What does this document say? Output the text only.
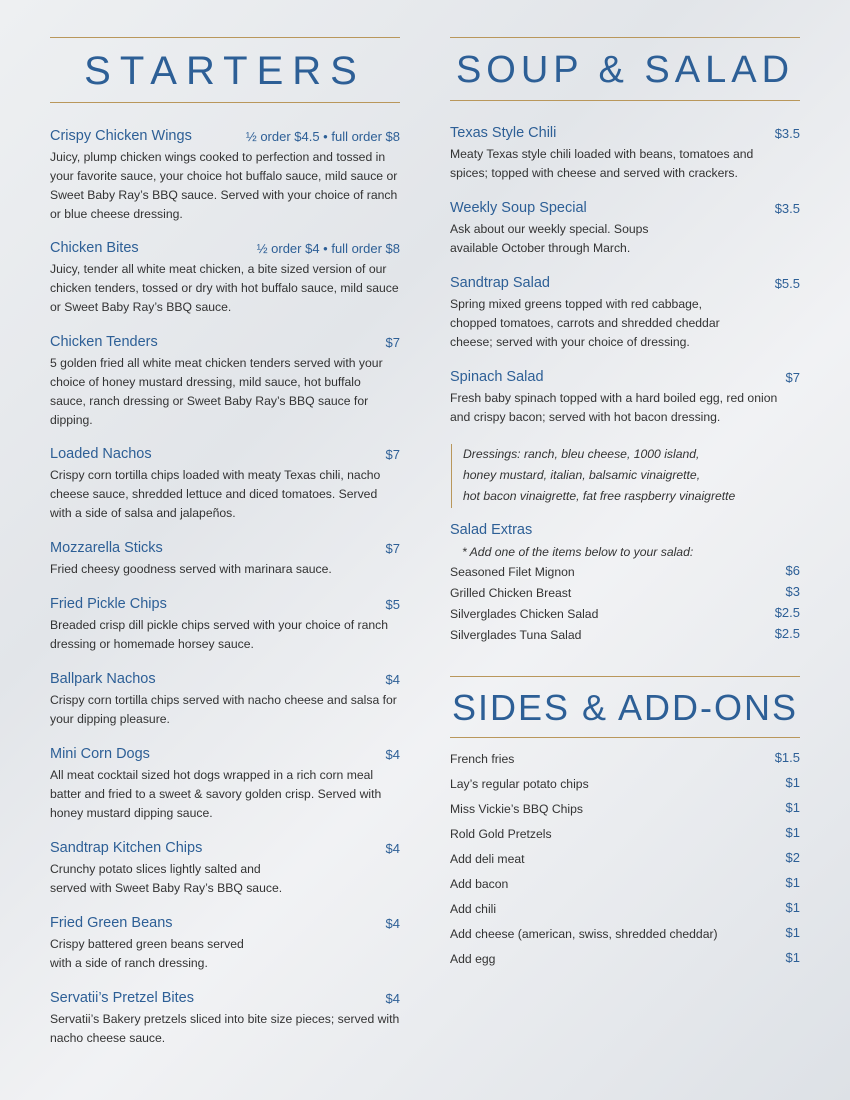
STARTERS
Crispy Chicken Wings	½ order $4.5 • full order $8

Juicy, plump chicken wings cooked to perfection and tossed in your favorite sauce, your choice hot buffalo sauce, mild sauce or Sweet Baby Ray’s BBQ sauce. Served with your choice of ranch or blue cheese dressing.

Chicken Bites	½ order $4 • full order $8

Juicy, tender all white meat chicken, a bite sized version of our chicken tenders, tossed or dry with hot buffalo sauce, mild sauce or Sweet Baby Ray’s BBQ sauce.

Chicken Tenders	$7

5 golden fried all white meat chicken tenders served with your choice of honey mustard dressing, mild sauce, hot buffalo sauce, ranch dressing or Sweet Baby Ray’s BBQ sauce for dipping.

Loaded Nachos	$7

Crispy corn tortilla chips loaded with meaty Texas chili, nacho cheese sauce, shredded lettuce and diced tomatoes. Served with a side of salsa and jalapeños.

Mozzarella Sticks	$7

Fried cheesy goodness served with marinara sauce.

Fried Pickle Chips	$5

Breaded crisp dill pickle chips served with your choice of ranch dressing or homemade horsey sauce.

Ballpark Nachos	$4

Crispy corn tortilla chips served with nacho cheese and salsa for your dipping pleasure.

Mini Corn Dogs	$4

All meat cocktail sized hot dogs wrapped in a rich corn meal batter and fried to a sweet & savory golden crisp. Served with honey mustard dipping sauce.

Sandtrap Kitchen Chips	$4

Crunchy potato slices lightly salted and served with Sweet Baby Ray’s BBQ sauce.

Fried Green Beans	$4

Crispy battered green beans served with a side of ranch dressing.

Servatii’s Pretzel Bites	$4

Servatii’s Bakery pretzels sliced into bite size pieces; served with nacho cheese sauce.

SOUP & SALAD
Texas Style Chili	$3.5

Meaty Texas style chili loaded with beans, tomatoes and spices; topped with cheese and served with crackers.

Weekly Soup Special	$3.5

Ask about our weekly special. Soups available October through March.

Sandtrap Salad	$5.5

Spring mixed greens topped with red cabbage, chopped tomatoes, carrots and shredded cheddar cheese; served with your choice of dressing.

Spinach Salad	$7

Fresh baby spinach topped with a hard boiled egg, red onion and crispy bacon; served with hot bacon dressing.

Dressings: ranch, bleu cheese, 1000 island,
honey mustard, italian, balsamic vinaigrette,
hot bacon vinaigrette, fat free raspberry vinaigrette
Salad Extras
* Add one of the items below to your salad:
Seasoned Filet Mignon	$6
Grilled Chicken Breast	$3
Silverglades Chicken Salad	$2.5
Silverglades Tuna Salad	$2.5
SIDES & ADD-ONS
French fries	$1.5
Lay’s regular potato chips	$1
Miss Vickie’s BBQ Chips	$1
Rold Gold Pretzels	$1
Add deli meat	$2
Add bacon	$1
Add chili	$1
Add cheese (american, swiss, shredded cheddar)	$1
Add egg	$1
